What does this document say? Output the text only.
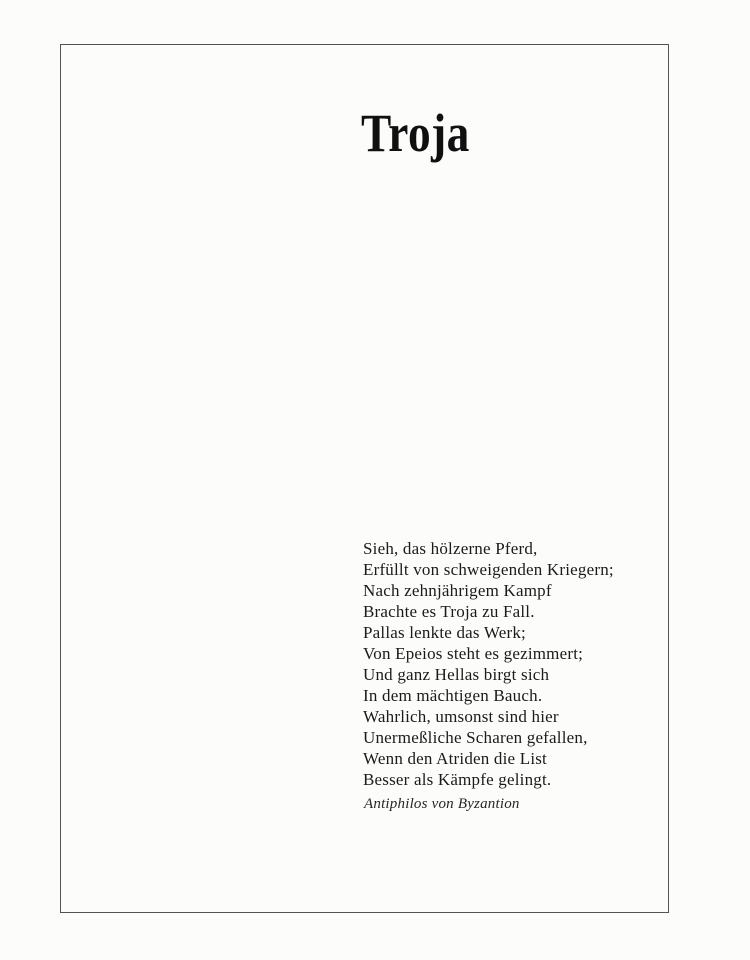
Troja
Sieh, das hölzerne Pferd,
Erfüllt von schweigenden Kriegern;
Nach zehnjährigem Kampf
Brachte es Troja zu Fall.
Pallas lenkte das Werk;
Von Epeios steht es gezimmert;
Und ganz Hellas birgt sich
In dem mächtigen Bauch.
Wahrlich, umsonst sind hier
Unermeßliche Scharen gefallen,
Wenn den Atriden die List
Besser als Kämpfe gelingt.
Antiphilos von Byzantion
